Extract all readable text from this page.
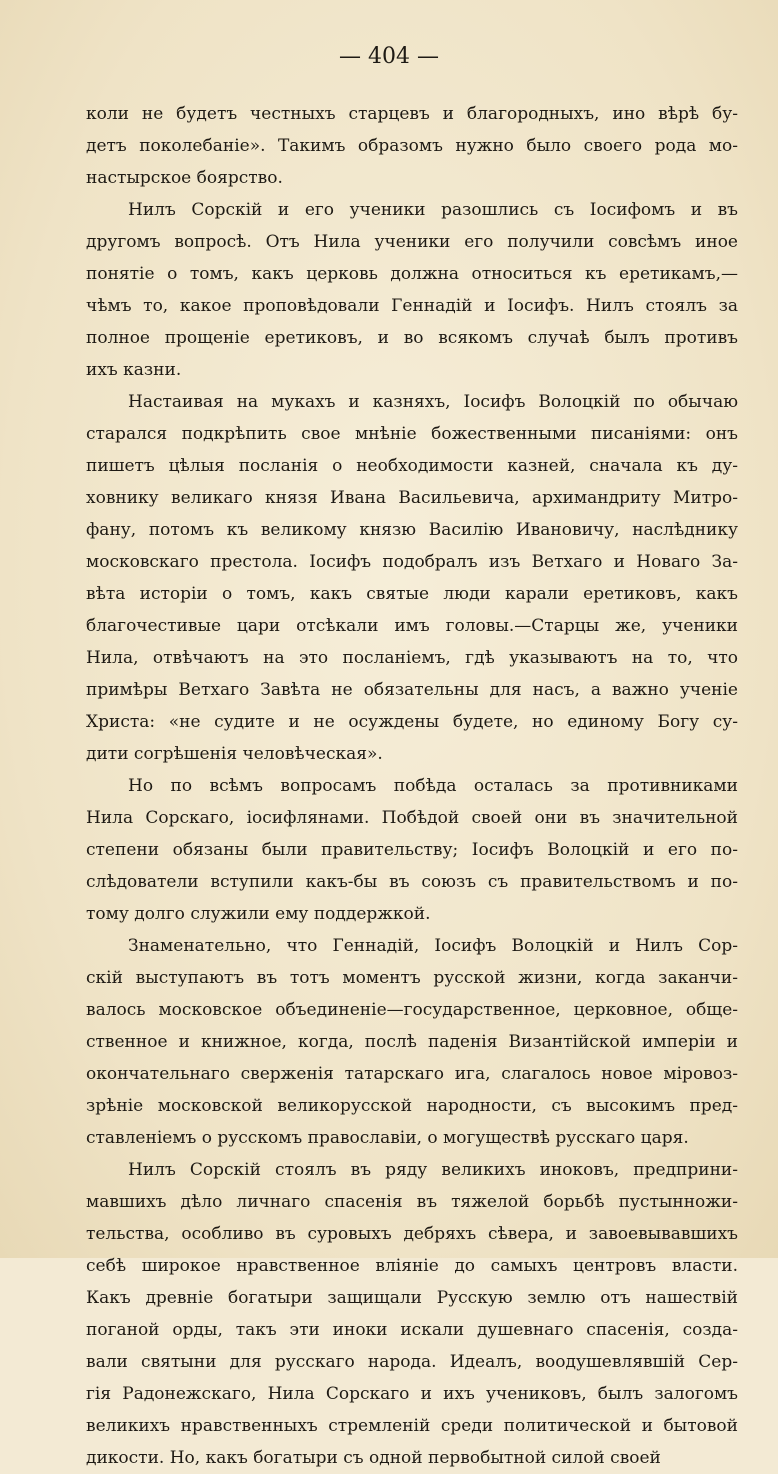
— 404 —
коли не будетъ честныхъ старцевъ и благородныхъ, ино вѣрѣ бу-
детъ поколебаніе». Такимъ образомъ нужно было своего рода мо-
настырское боярство.
Нилъ Сорскій и его ученики разошлись съ Іосифомъ и въ
другомъ вопросѣ. Отъ Нила ученики его получили совсѣмъ иное
понятіе о томъ, какъ церковь должна относиться къ еретикамъ,—
чѣмъ то, какое проповѣдовали Геннадій и Іосифъ. Нилъ стоялъ за
полное прощеніе еретиковъ, и во всякомъ случаѣ былъ противъ
ихъ казни.
Настаивая на мукахъ и казняхъ, Іосифъ Волоцкій по обычаю
старался подкрѣпить свое мнѣніе божественными писаніями: онъ
пишетъ цѣлыя посланія о необходимости казней, сначала къ ду-
ховнику великаго князя Ивана Васильевича, архимандриту Митро-
фану, потомъ къ великому князю Василію Ивановичу, наслѣднику
московскаго престола. Іосифъ подобралъ изъ Ветхаго и Новаго За-
вѣта исторіи о томъ, какъ святые люди карали еретиковъ, какъ
благочестивые цари отсѣкали имъ головы.—Старцы же, ученики
Нила, отвѣчаютъ на это посланіемъ, гдѣ указываютъ на то, что
примѣры Ветхаго Завѣта не обязательны для насъ, а важно ученіе
Христа: «не судите и не осуждены будете, но единому Богу су-
дити согрѣшенія человѣческая».
Но по всѣмъ вопросамъ побѣда осталась за противниками
Нила Сорскаго, іосифлянами. Побѣдой своей они въ значительной
степени обязаны были правительству; Іосифъ Волоцкій и его по-
слѣдователи вступили какъ-бы въ союзъ съ правительствомъ и по-
тому долго служили ему поддержкой.
Знаменательно, что Геннадій, Іосифъ Волоцкій и Нилъ Сор-
скій выступаютъ въ тотъ моментъ русской жизни, когда заканчи-
валось московское объединеніе—государственное, церковное, обще-
ственное и книжное, когда, послѣ паденія Византійской имперіи и
окончательнаго сверженія татарскаго ига, слагалось новое міровоз-
зрѣніе московской великорусской народности, съ высокимъ пред-
ставленіемъ о русскомъ православіи, о могуществѣ русскаго царя.
Нилъ Сорскій стоялъ въ ряду великихъ иноковъ, предприни-
мавшихъ дѣло личнаго спасенія въ тяжелой борьбѣ пустынножи-
тельства, особливо въ суровыхъ дебряхъ сѣвера, и завоевывавшихъ
себѣ широкое нравственное вліяніе до самыхъ центровъ власти.
Какъ древніе богатыри защищали Русскую землю отъ нашествій
поганой орды, такъ эти иноки искали душевнаго спасенія, созда-
вали святыни для русскаго народа. Идеалъ, воодушевлявшій Сер-
гія Радонежскаго, Нила Сорскаго и ихъ учениковъ, былъ залогомъ
великихъ нравственныхъ стремленій среди политической и бытовой
дикости. Но, какъ богатыри съ одной первобытной силой своей
